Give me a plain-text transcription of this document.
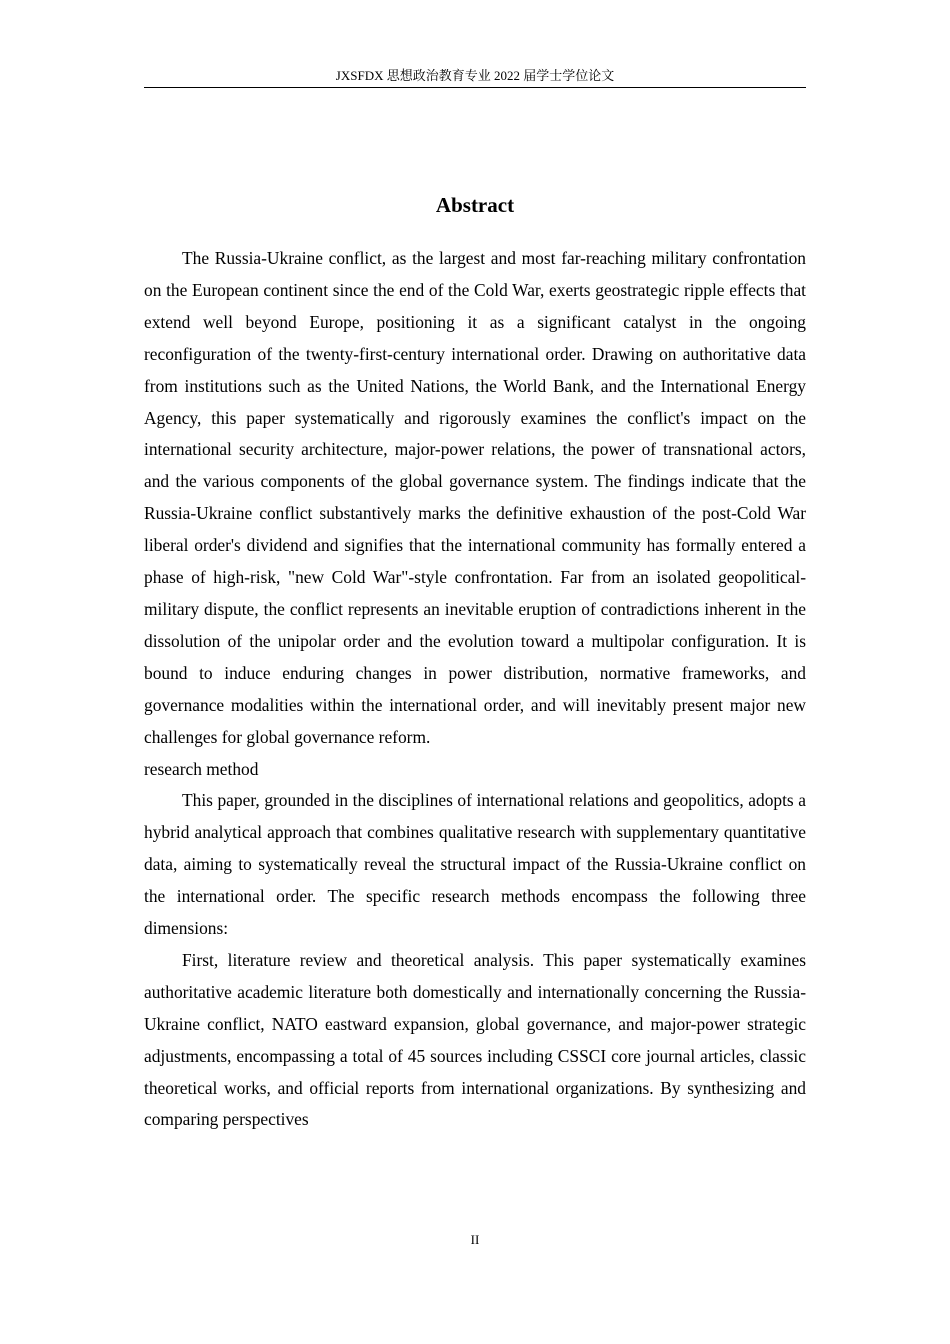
JXSFDX 思想政治教育专业 2022 届学士学位论文
Abstract

The Russia-Ukraine conflict, as the largest and most far-reaching military confrontation on the European continent since the end of the Cold War, exerts geostrategic ripple effects that extend well beyond Europe, positioning it as a significant catalyst in the ongoing reconfiguration of the twenty-first-century international order. Drawing on authoritative data from institutions such as the United Nations, the World Bank, and the International Energy Agency, this paper systematically and rigorously examines the conflict's impact on the international security architecture, major-power relations, the power of transnational actors, and the various components of the global governance system. The findings indicate that the Russia-Ukraine conflict substantively marks the definitive exhaustion of the post-Cold War liberal order's dividend and signifies that the international community has formally entered a phase of high-risk, "new Cold War"-style confrontation. Far from an isolated geopolitical-military dispute, the conflict represents an inevitable eruption of contradictions inherent in the dissolution of the unipolar order and the evolution toward a multipolar configuration. It is bound to induce enduring changes in power distribution, normative frameworks, and governance modalities within the international order, and will inevitably present major new challenges for global governance reform.

research method

This paper, grounded in the disciplines of international relations and geopolitics, adopts a hybrid analytical approach that combines qualitative research with supplementary quantitative data, aiming to systematically reveal the structural impact of the Russia-Ukraine conflict on the international order. The specific research methods encompass the following three dimensions:

First, literature review and theoretical analysis. This paper systematically examines authoritative academic literature both domestically and internationally concerning the Russia-Ukraine conflict, NATO eastward expansion, global governance, and major-power strategic adjustments, encompassing a total of 45 sources including CSSCI core journal articles, classic theoretical works, and official reports from international organizations. By synthesizing and comparing perspectives

II
